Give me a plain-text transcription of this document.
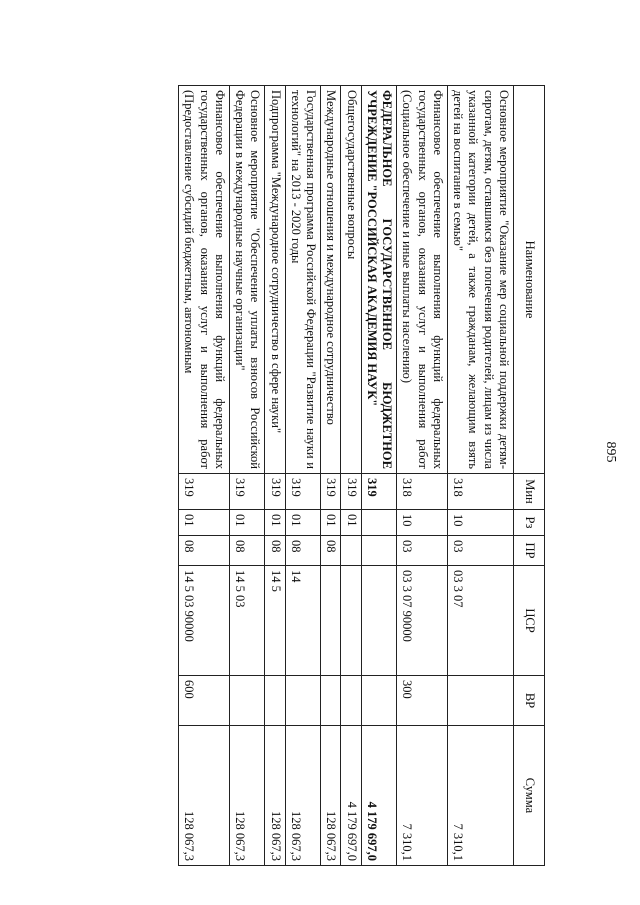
895
Наименование	Мин	Рз	ПР	ЦСР	ВР	Сумма
Основное мероприятие "Оказание мер социальной поддержки детям-сиротам, детям, оставшимся без попечения родителей, лицам из числа указанной категории детей, а также гражданам, желающим взять детей на воспитание в семью"	318	10	03	03 3 07		7 310,1
Финансовое обеспечение выполнения функций федеральных государственных органов, оказания услуг и выполнения работ (Социальное обеспечение и иные выплаты населению)	318	10	03	03 3 07 90000	300	7 310,1
ФЕДЕРАЛЬНОЕ ГОСУДАРСТВЕННОЕ БЮДЖЕТНОЕ УЧРЕЖДЕНИЕ "РОССИЙСКАЯ АКАДЕМИЯ НАУК"	319					4 179 697,0
Общегосударственные вопросы	319	01				4 179 697,0
Международные отношения и международное сотрудничество	319	01	08			128 067,3
Государственная программа Российской Федерации "Развитие науки и технологий" на 2013 - 2020 годы	319	01	08	14		128 067,3
Подпрограмма "Международное сотрудничество в сфере науки"	319	01	08	14 5		128 067,3
Основное мероприятие "Обеспечение уплаты взносов Российской Федерации в международные научные организации"	319	01	08	14 5 03		128 067,3
Финансовое обеспечение выполнения функций федеральных государственных органов, оказания услуг и выполнения работ (Предоставление субсидий бюджетным, автономным	319	01	08	14 5 03 90000	600	128 067,3
